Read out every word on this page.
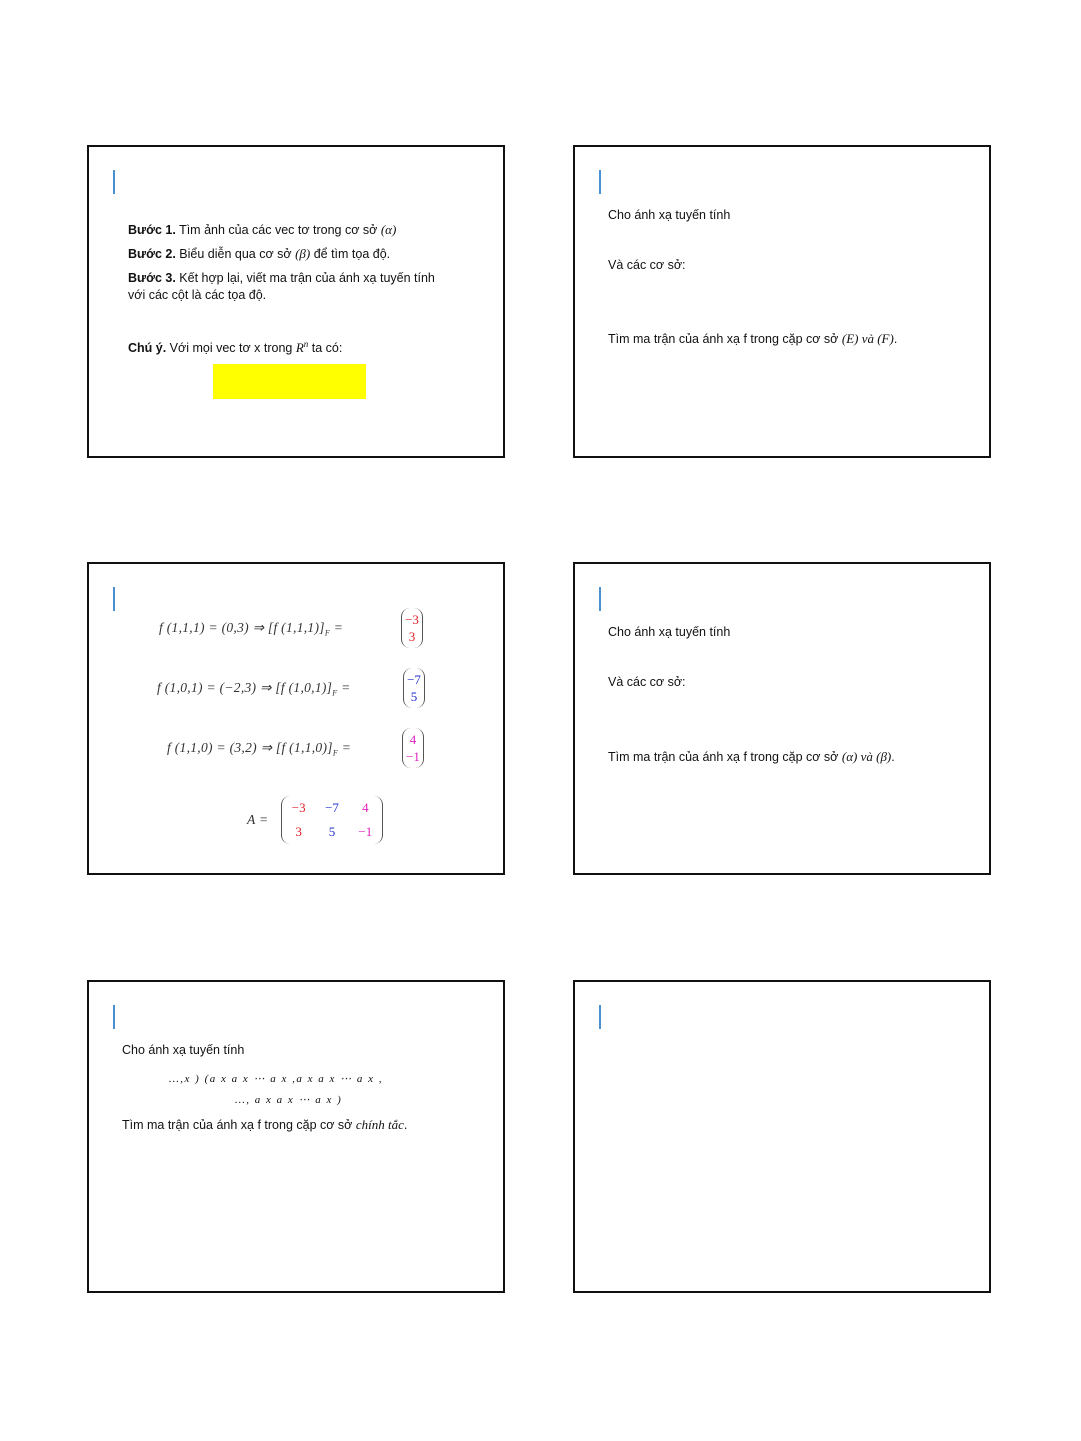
Bước 1. Tìm ảnh của các vec tơ trong cơ sở (α)
Bước 2. Biểu diễn qua cơ sở (β) để tìm tọa độ.
Bước 3. Kết hợp lại, viết ma trận của ánh xạ tuyến tính
với các cột là các tọa độ.
Chú ý. Với mọi vec tơ x trong $R^n$ ta có:
Cho ánh xạ tuyến tính
Và các cơ sở:
Tìm ma trận của ánh xạ f trong cặp cơ sở (E) và (F).
f (1,1,1) = (0,3) ⇒ [f $(1,1,1)]_F$ =
−3
3
f (1,0,1) = (−2,3) ⇒ [f $(1,0,1)]_F$ =
−7
5
f (1,1,0) = (3,2) ⇒ [f $(1,1,0)]_F$ =
4
−1
A =
−3 −7 4
3 5 −1
Cho ánh xạ tuyến tính
Và các cơ sở:
Tìm ma trận của ánh xạ f trong cặp cơ sở (α) và (β).
Cho ánh xạ tuyến tính
…,x ) (a x a x ⋯ a x ,a x a x ⋯ a x ,
…, a x a x ⋯ a x )
Tìm ma trận của ánh xạ f trong cặp cơ sở chính tắc.
